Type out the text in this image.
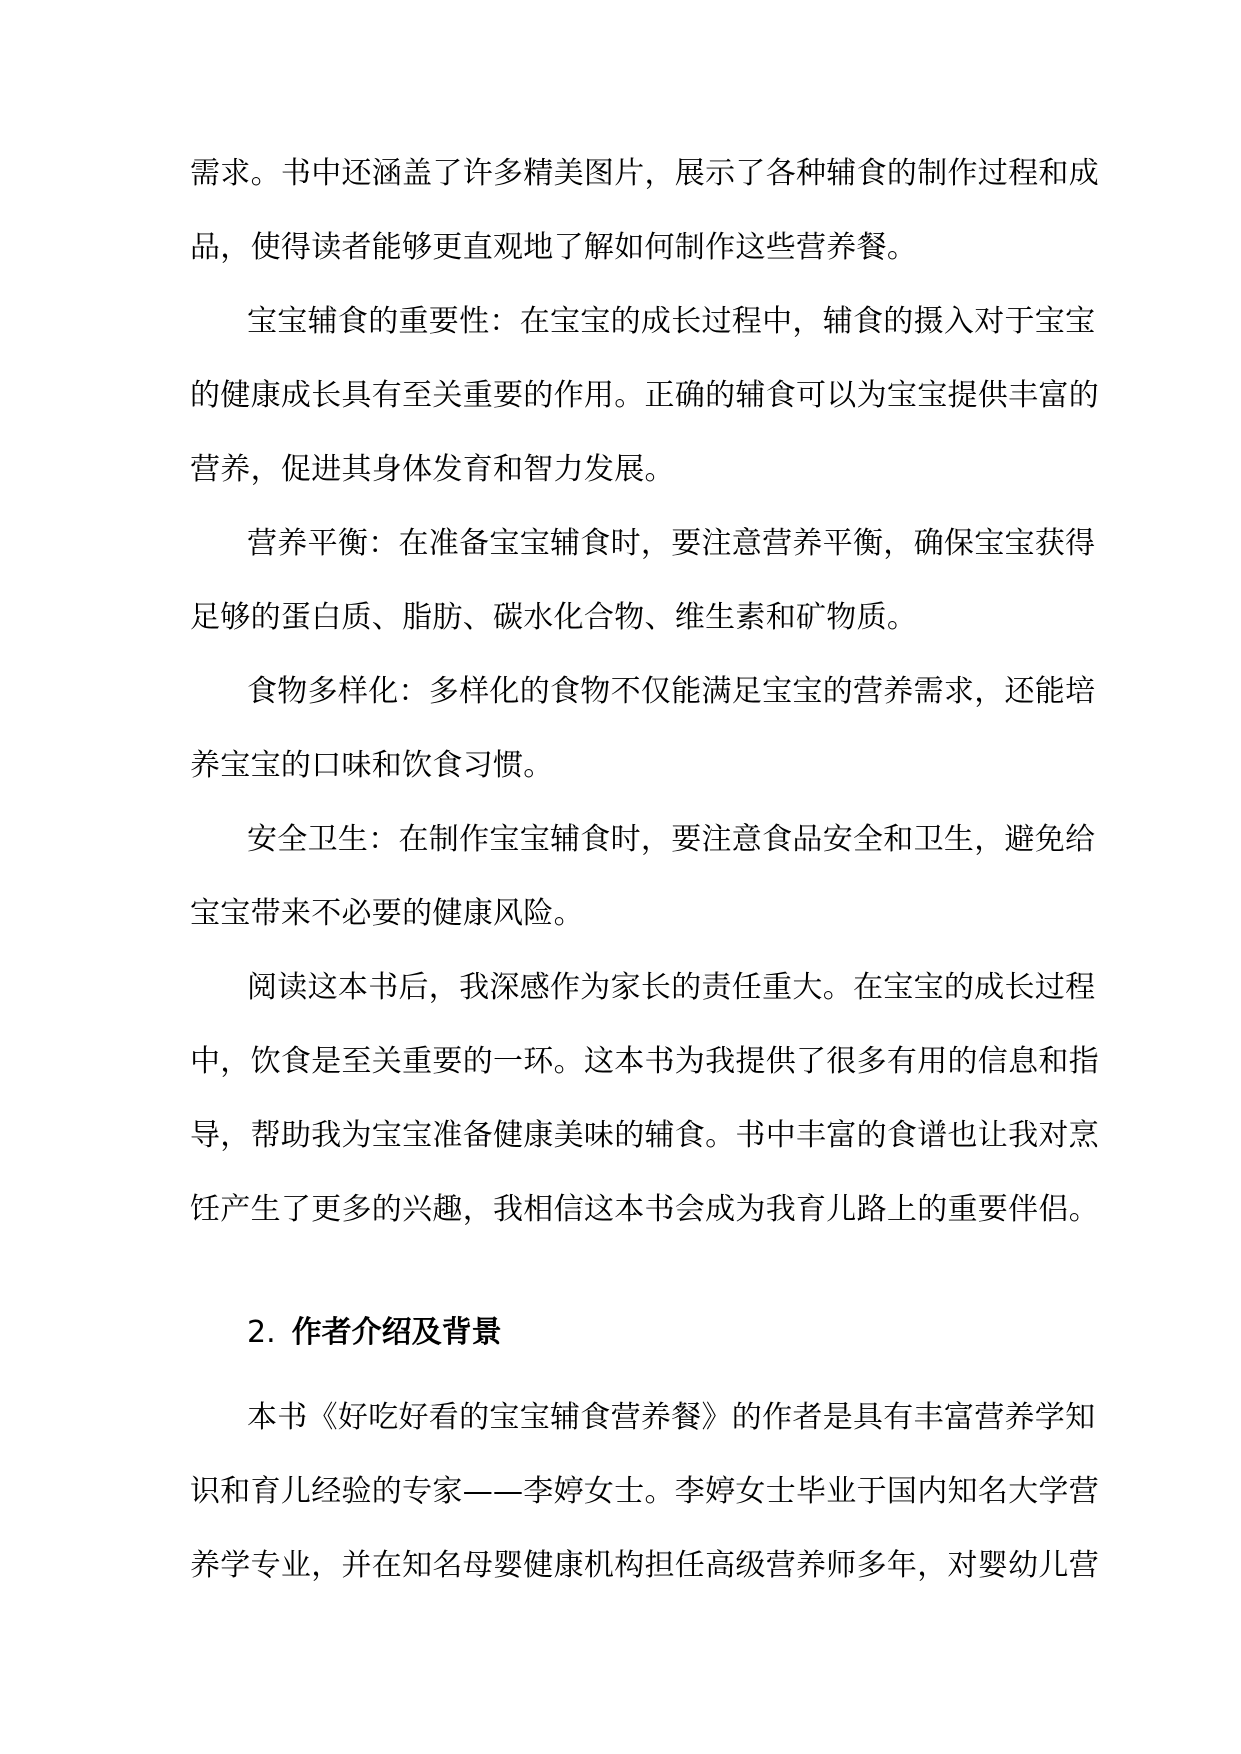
需求。书中还涵盖了许多精美图片，展示了各种辅食的制作过程和成
品，使得读者能够更直观地了解如何制作这些营养餐。
宝宝辅食的重要性：在宝宝的成长过程中，辅食的摄入对于宝宝
的健康成长具有至关重要的作用。正确的辅食可以为宝宝提供丰富的
营养，促进其身体发育和智力发展。
营养平衡：在准备宝宝辅食时，要注意营养平衡，确保宝宝获得
足够的蛋白质、脂肪、碳水化合物、维生素和矿物质。
食物多样化：多样化的食物不仅能满足宝宝的营养需求，还能培
养宝宝的口味和饮食习惯。
安全卫生：在制作宝宝辅食时，要注意食品安全和卫生，避免给
宝宝带来不必要的健康风险。
阅读这本书后，我深感作为家长的责任重大。在宝宝的成长过程
中，饮食是至关重要的一环。这本书为我提供了很多有用的信息和指
导，帮助我为宝宝准备健康美味的辅食。书中丰富的食谱也让我对烹
饪产生了更多的兴趣，我相信这本书会成为我育儿路上的重要伴侣。
2. 作者介绍及背景
本书《好吃好看的宝宝辅食营养餐》的作者是具有丰富营养学知
识和育儿经验的专家——李婷女士。李婷女士毕业于国内知名大学营
养学专业，并在知名母婴健康机构担任高级营养师多年，对婴幼儿营
